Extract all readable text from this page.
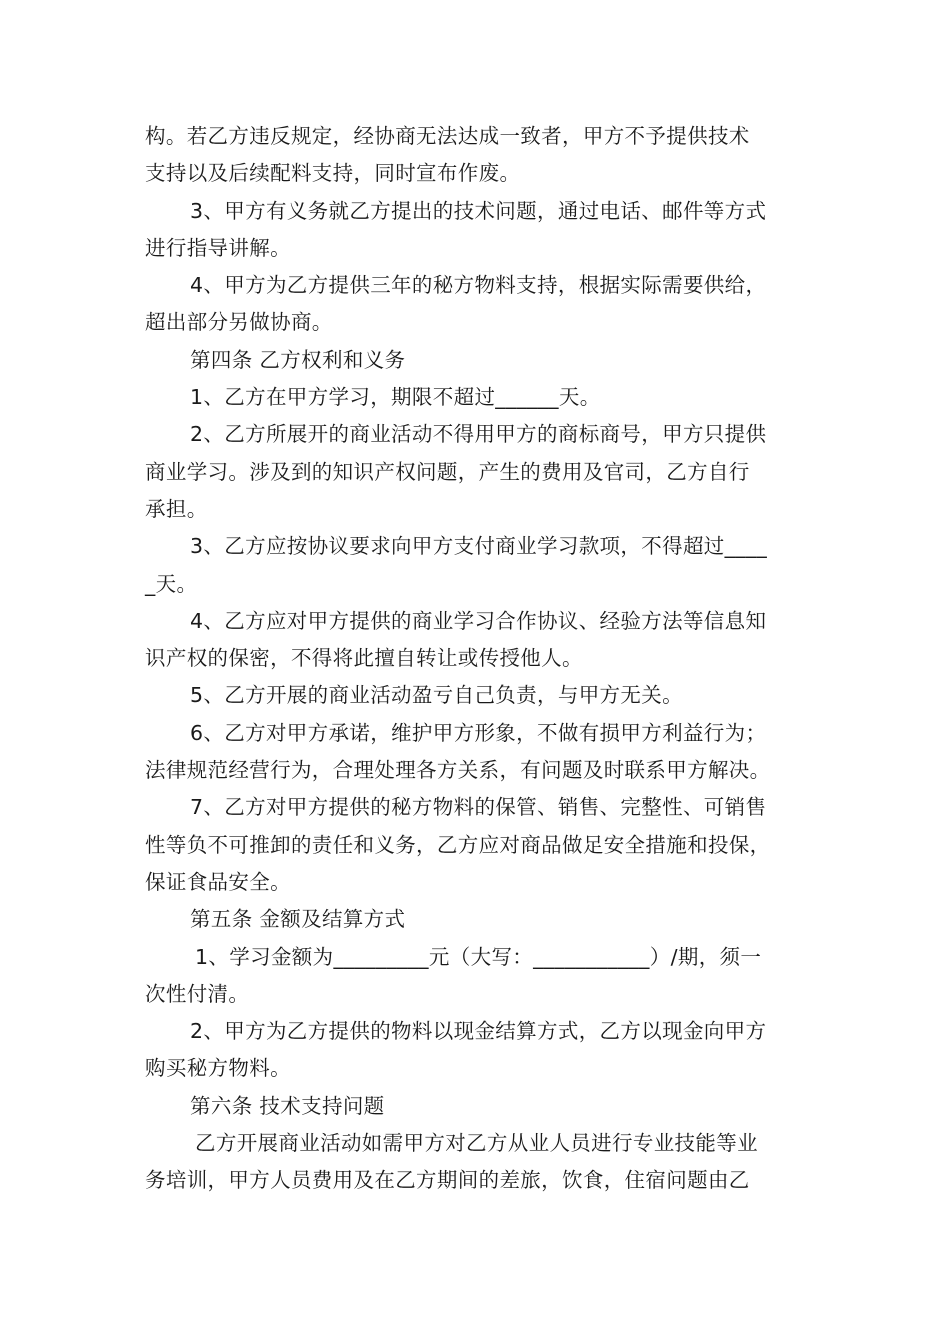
构。若乙方违反规定，经协商无法达成一致者，甲方不予提供技术
支持以及后续配料支持，同时宣布作废。
3、甲方有义务就乙方提出的技术问题，通过电话、邮件等方式
进行指导讲解。
4、甲方为乙方提供三年的秘方物料支持，根据实际需要供给，
超出部分另做协商。
第四条 乙方权利和义务
1、乙方在甲方学习，期限不超过______天。
2、乙方所展开的商业活动不得用甲方的商标商号，甲方只提供
商业学习。涉及到的知识产权问题，产生的费用及官司，乙方自行
承担。
3、乙方应按协议要求向甲方支付商业学习款项，不得超过____
_天。
4、乙方应对甲方提供的商业学习合作协议、经验方法等信息知
识产权的保密，不得将此擅自转让或传授他人。
5、乙方开展的商业活动盈亏自己负责，与甲方无关。
6、乙方对甲方承诺，维护甲方形象，不做有损甲方利益行为；
法律规范经营行为，合理处理各方关系，有问题及时联系甲方解决。
7、乙方对甲方提供的秘方物料的保管、销售、完整性、可销售
性等负不可推卸的责任和义务，乙方应对商品做足安全措施和投保，
保证食品安全。
第五条 金额及结算方式
1、学习金额为_________元（大写：___________）/期，须一
次性付清。
2、甲方为乙方提供的物料以现金结算方式，乙方以现金向甲方
购买秘方物料。
第六条 技术支持问题
乙方开展商业活动如需甲方对乙方从业人员进行专业技能等业
务培训，甲方人员费用及在乙方期间的差旅，饮食，住宿问题由乙
